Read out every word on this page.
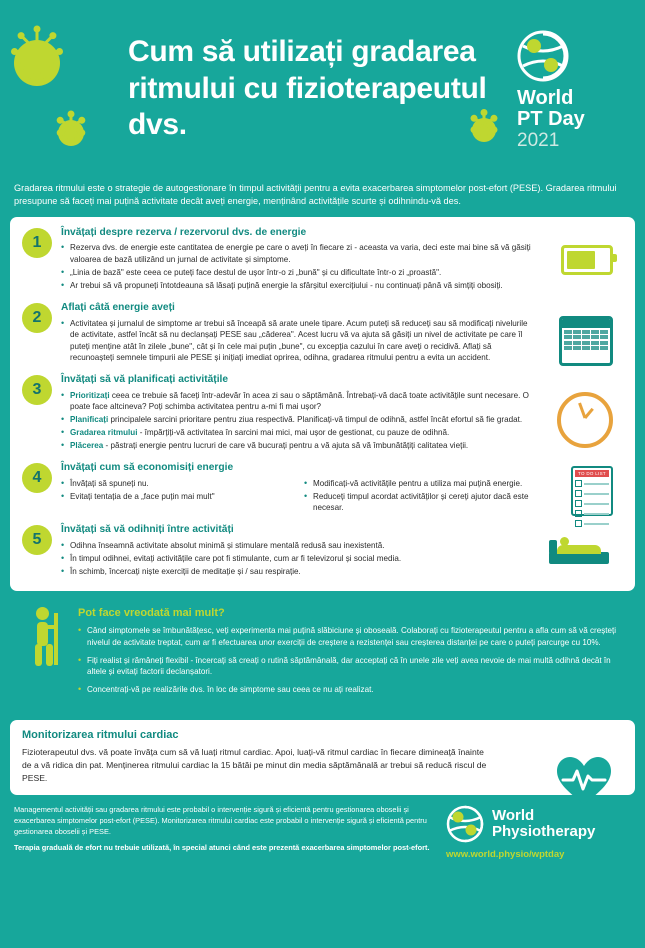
Cum să utilizați gradarea ritmului cu fizioterapeutul dvs.
World
PT Day
2021
Gradarea ritmului este o strategie de autogestionare în timpul activității pentru a evita exacerbarea simptomelor post-efort (PESE). Gradarea ritmului presupune să faceți mai puțină activitate decât aveți energie, menținând activitățile scurte și odihnindu-vă des.
1
Învățați despre rezerva / rezervorul dvs. de energie
• Rezerva dvs. de energie este cantitatea de energie pe care o aveți în fiecare zi - aceasta va varia, deci este mai bine să vă găsiți valoarea de bază utilizând un jurnal de activitate și simptome.
• „Linia de bază" este ceea ce puteți face destul de ușor într-o zi „bună" și cu dificultate într-o zi „proastă".
• Ar trebui să vă propuneți întotdeauna să lăsați puțină energie la sfârșitul exercițiului - nu continuați până vă simțiți obosiți.
2
Aflați câtă energie aveți
• Activitatea și jurnalul de simptome ar trebui să înceapă să arate unele tipare. Acum puteți să reduceți sau să modificați nivelurile de activitate, astfel încât să nu declanșați PESE sau „căderea". Acest lucru vă va ajuta să găsiți un nivel de activitate pe care îl puteți menține atât în zilele „bune", cât și în cele mai puțin „bune", cu excepția cazului în care aveți o recidivă. Aflați să recunoașteți semnele timpurii ale PESE și inițiați imediat oprirea, odihna, gradarea ritmului pentru a evita un accident.
3
Învățați să vă planificați activitățile
• Prioritizați ceea ce trebuie să faceți într-adevăr în acea zi sau o săptămână. Întrebați-vă dacă toate activitățile sunt necesare. O poate face altcineva? Poți schimba activitatea pentru a-mi fi mai ușor?
• Planificați principalele sarcini prioritare pentru ziua respectivă. Planificați-vă timpul de odihnă, astfel încât efortul să fie gradat.
• Gradarea ritmului - împărțiți-vă activitatea în sarcini mai mici, mai ușor de gestionat, cu pauze de odihnă.
• Plăcerea - păstrați energie pentru lucruri de care vă bucurați pentru a vă ajuta să vă îmbunătățiți calitatea vieții.
4
Învățați cum să economisiți energie
• Învățați să spuneți nu.
• Evitați tentația de a „face puțin mai mult"
• Modificați-vă activitățile pentru a utiliza mai puțină energie.
• Reduceți timpul acordat activităților și cereți ajutor dacă este necesar.
TO DO LIST
5
Învățați să vă odihniți între activități
• Odihna înseamnă activitate absolut minimă și stimulare mentală redusă sau inexistentă.
• În timpul odihnei, evitați activitățile care pot fi stimulante, cum ar fi televizorul și social media.
• În schimb, încercați niște exerciții de meditație și / sau respirație.
Pot face vreodată mai mult?
• Când simptomele se îmbunătățesc, veți experimenta mai puțină slăbiciune și oboseală. Colaborați cu fizioterapeutul pentru a afla cum să vă creșteți nivelul de activitate treptat, cum ar fi efectuarea unor exerciții de creștere a rezistenței sau creșterea distanței pe care o puteți parcurge cu 10%.
• Fiți realist și rămâneți flexibil - încercați să creați o rutină săptămânală, dar acceptați că în unele zile veți avea nevoie de mai multă odihnă decât în altele și evitați factorii declanșatori.
• Concentrați-vă pe realizările dvs. în loc de simptome sau ceea ce nu ați realizat.
Monitorizarea ritmului cardiac

Fizioterapeutul dvs. vă poate învăța cum să vă luați ritmul cardiac. Apoi, luați-vă ritmul cardiac în fiecare dimineață înainte de a vă ridica din pat. Menținerea ritmului cardiac la 15 bătăi pe minut din media săptămânală ar trebui să reducă riscul de PESE.

Managementul activității sau gradarea ritmului este probabil o intervenție sigură și eficientă pentru gestionarea oboselii și exacerbarea simptomelor post-efort (PESE). Monitorizarea ritmului cardiac este probabil o intervenție sigură și eficientă pentru gestionarea oboselii și PESE.
Terapia graduală de efort nu trebuie utilizată, în special atunci când este prezentă exacerbarea simptomelor post-efort.
World
Physiotherapy
www.world.physio/wptday
